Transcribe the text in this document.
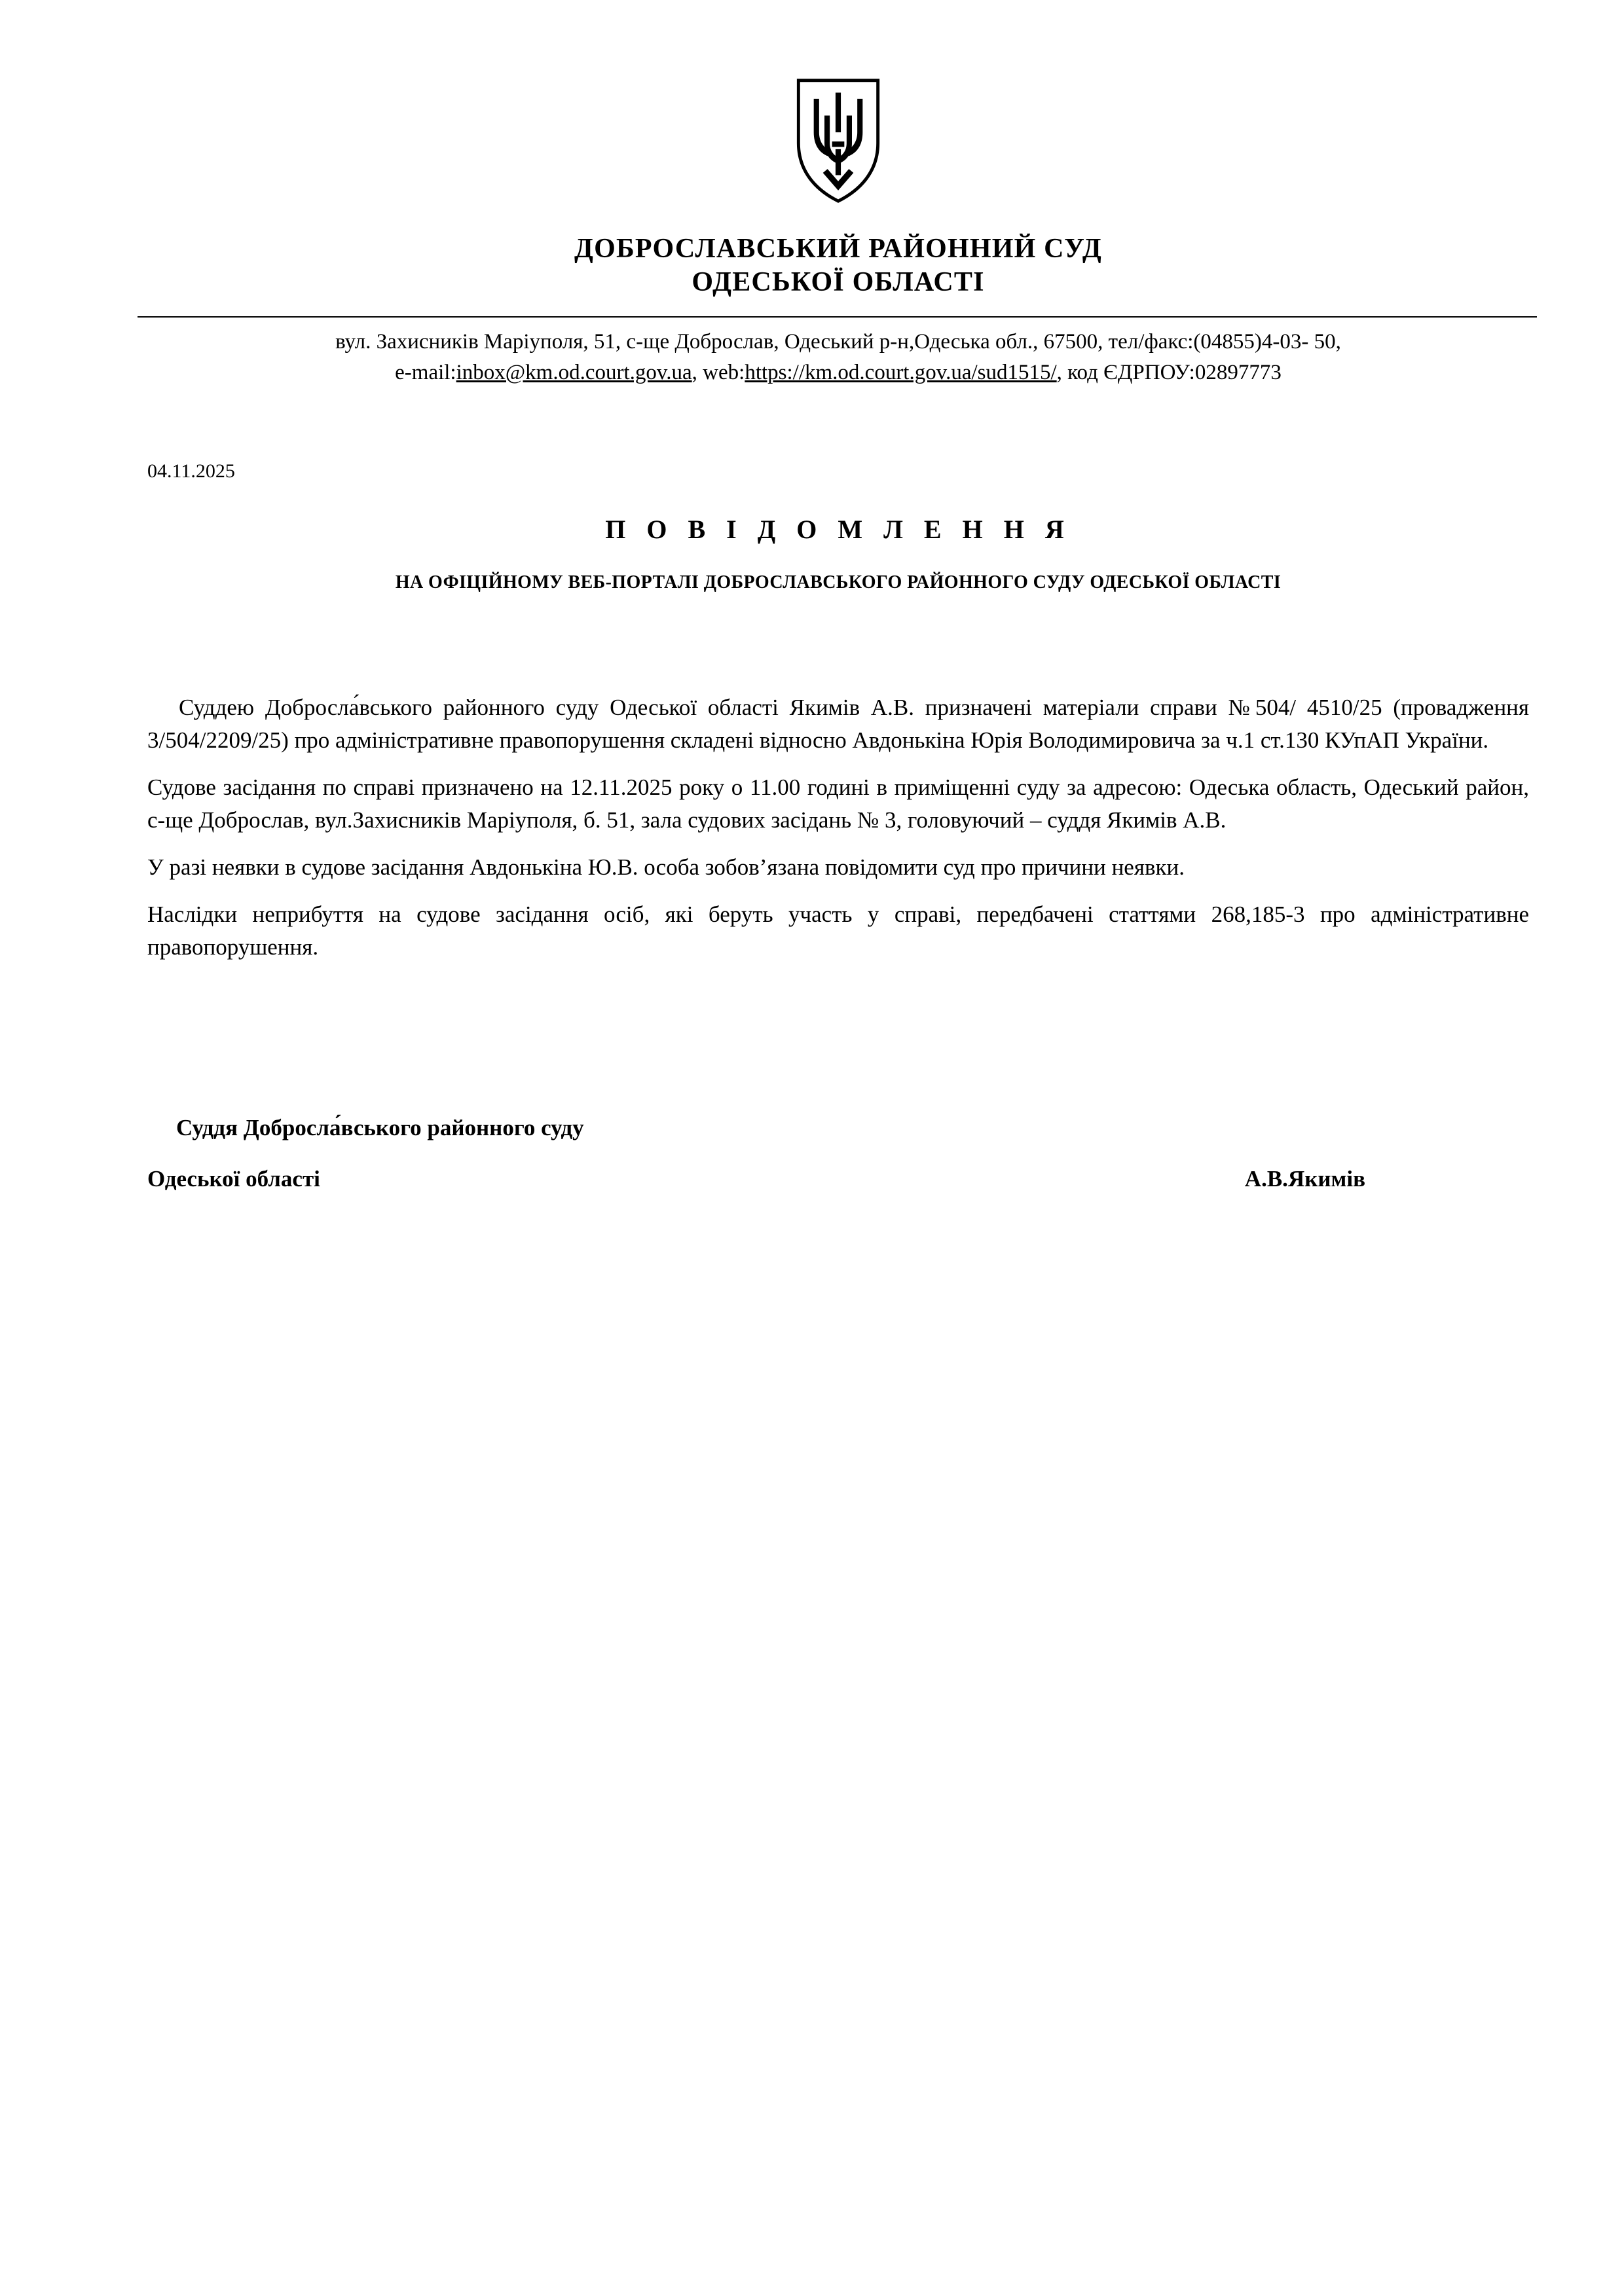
ДОБРОСЛАВСЬКИЙ РАЙОННИЙ СУД
ОДЕСЬКОЇ ОБЛАСТІ
вул. Захисників Маріуполя, 51, с-ще Доброслав, Одеський р-н,Одеська обл., 67500, тел/факс:(04855)4-03- 50,
e-mail:inbox@km.od.court.gov.ua, web:https://km.od.court.gov.ua/sud1515/, код ЄДРПОУ:02897773
04.11.2025
П О В І Д О М Л Е Н Н Я
НА ОФІЦІЙНОМУ ВЕБ-ПОРТАЛІ ДОБРОСЛАВСЬКОГО РАЙОННОГО СУДУ ОДЕСЬКОЇ ОБЛАСТІ

Суддею Добросла́вського районного суду Одеської області Якимів А.В. призначені матеріали справи №504/ 4510/25 (провадження 3/504/2209/25) про адміністративне правопорушення складені відносно Авдонькіна Юрія Володимировича за ч.1 ст.130 КУпАП України.

Судове засідання по справі призначено на 12.11.2025 року о 11.00 годині в приміщенні суду за адресою: Одеська область, Одеський район, с-ще Доброслав, вул.Захисників Маріуполя, б. 51, зала судових засідань № 3, головуючий – суддя Якимів А.В.

У разі неявки в судове засідання Авдонькіна Ю.В. особа зобов’язана повідомити суд про причини неявки.

Наслідки неприбуття на судове засідання осіб, які беруть участь у справі, передбачені статтями 268,185-3 про адміністративне правопорушення.

Суддя Добросла́вського районного суду
Одеської області	А.В.Якимів
